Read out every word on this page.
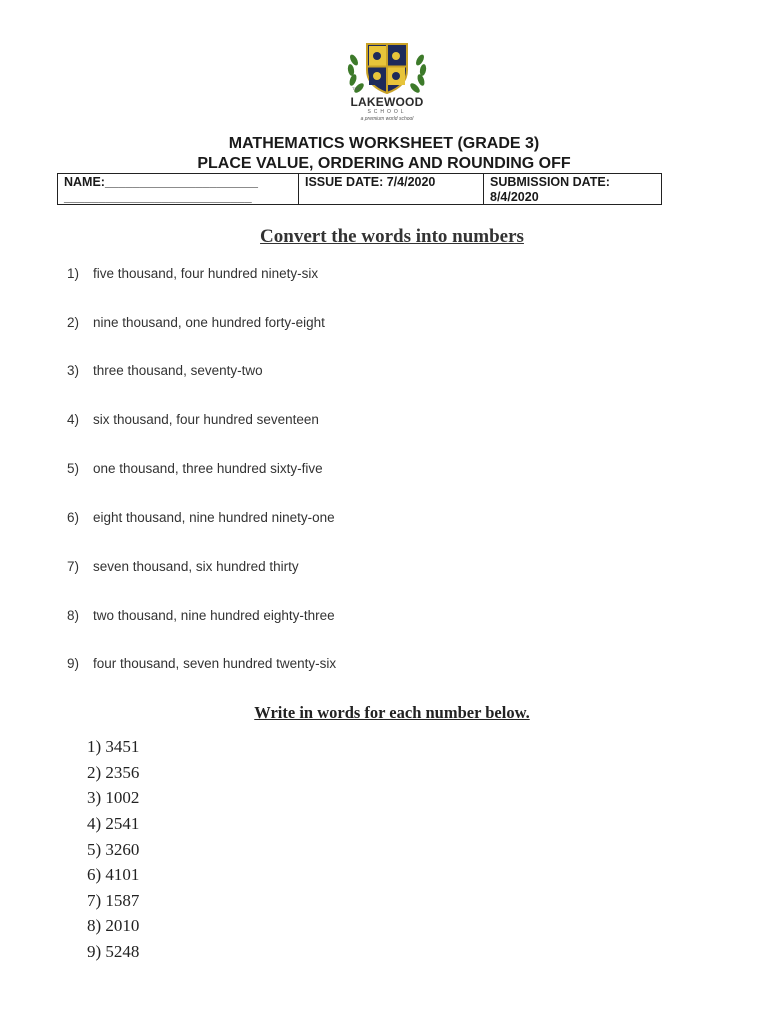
THE
LAKEWOOD
SCHOOL
a premium world school
MATHEMATICS WORKSHEET (GRADE 3)
PLACE VALUE, ORDERING AND ROUNDING OFF
NAME:______________________
___________________________
ISSUE DATE: 7/4/2020	SUBMISSION DATE:
8/4/2020
Convert the words into numbers
1) five thousand, four hundred ninety-six
2) nine thousand, one hundred forty-eight
3) three thousand, seventy-two
4) six thousand, four hundred seventeen
5) one thousand, three hundred sixty-five
6) eight thousand, nine hundred ninety-one
7) seven thousand, six hundred thirty
8) two thousand, nine hundred eighty-three
9) four thousand, seven hundred twenty-six
Write in words for each number below.
1) 3451
2) 2356
3) 1002
4) 2541
5) 3260
6) 4101
7) 1587
8) 2010
9) 5248
